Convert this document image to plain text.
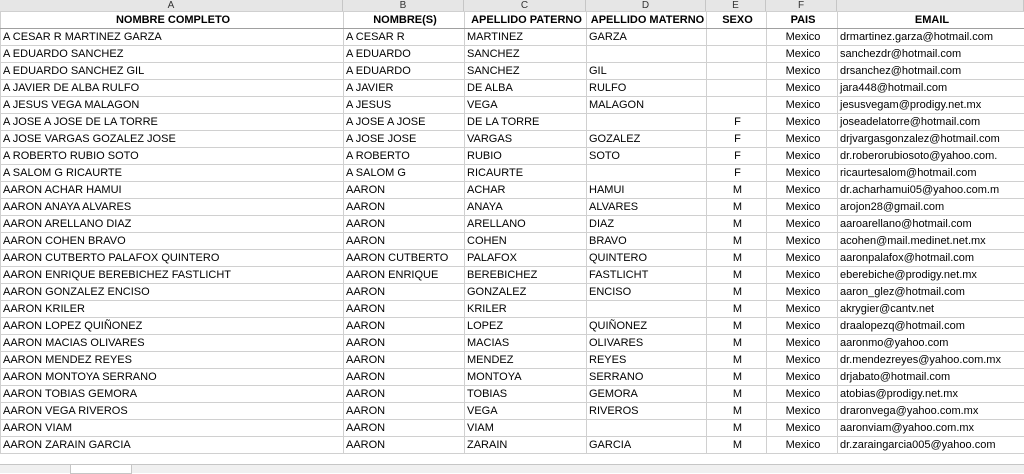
A	B	C	D	E	F
NOMBRE COMPLETO	NOMBRE(S)	APELLIDO PATERNO	APELLIDO MATERNO	SEXO	PAIS	EMAIL
A CESAR R MARTINEZ GARZA	A CESAR R	MARTINEZ	GARZA		Mexico	drmartinez.garza@hotmail.com
A EDUARDO SANCHEZ	A EDUARDO	SANCHEZ			Mexico	sanchezdr@hotmail.com
A EDUARDO SANCHEZ GIL	A EDUARDO	SANCHEZ	GIL		Mexico	drsanchez@hotmail.com
A JAVIER DE ALBA RULFO	A JAVIER	DE ALBA	RULFO		Mexico	jara448@hotmail.com
A JESUS VEGA MALAGON	A JESUS	VEGA	MALAGON		Mexico	jesusvegam@prodigy.net.mx
A JOSE A JOSE DE LA TORRE	A JOSE A JOSE	DE LA TORRE		F	Mexico	joseadelatorre@hotmail.com
A JOSE VARGAS GOZALEZ JOSE	A JOSE JOSE	VARGAS	GOZALEZ	F	Mexico	drjvargasgonzalez@hotmail.com
A ROBERTO RUBIO SOTO	A ROBERTO	RUBIO	SOTO	F	Mexico	dr.roberorubiosoto@yahoo.com.
A SALOM G RICAURTE	A SALOM G	RICAURTE		F	Mexico	ricaurtesalom@hotmail.com
AARON ACHAR HAMUI	AARON	ACHAR	HAMUI	M	Mexico	dr.acharhamui05@yahoo.com.m
AARON ANAYA ALVARES	AARON	ANAYA	ALVARES	M	Mexico	arojon28@gmail.com
AARON ARELLANO DIAZ	AARON	ARELLANO	DIAZ	M	Mexico	aaroarellano@hotmail.com
AARON COHEN BRAVO	AARON	COHEN	BRAVO	M	Mexico	acohen@mail.medinet.net.mx
AARON CUTBERTO PALAFOX QUINTERO	AARON CUTBERTO	PALAFOX	QUINTERO	M	Mexico	aaronpalafox@hotmail.com
AARON ENRIQUE BEREBICHEZ FASTLICHT	AARON ENRIQUE	BEREBICHEZ	FASTLICHT	M	Mexico	eberebiche@prodigy.net.mx
AARON GONZALEZ ENCISO	AARON	GONZALEZ	ENCISO	M	Mexico	aaron_glez@hotmail.com
AARON KRILER	AARON	KRILER		M	Mexico	akrygier@cantv.net
AARON LOPEZ QUIÑONEZ	AARON	LOPEZ	QUIÑONEZ	M	Mexico	draalopezq@hotmail.com
AARON MACIAS OLIVARES	AARON	MACIAS	OLIVARES	M	Mexico	aaronmo@yahoo.com
AARON MENDEZ REYES	AARON	MENDEZ	REYES	M	Mexico	dr.mendezreyes@yahoo.com.mx
AARON MONTOYA SERRANO	AARON	MONTOYA	SERRANO	M	Mexico	drjabato@hotmail.com
AARON TOBIAS GEMORA	AARON	TOBIAS	GEMORA	M	Mexico	atobias@prodigy.net.mx
AARON VEGA RIVEROS	AARON	VEGA	RIVEROS	M	Mexico	draronvega@yahoo.com.mx
AARON VIAM	AARON	VIAM		M	Mexico	aaronviam@yahoo.com.mx
AARON ZARAIN GARCIA	AARON	ZARAIN	GARCIA	M	Mexico	dr.zaraingarcia005@yahoo.com
